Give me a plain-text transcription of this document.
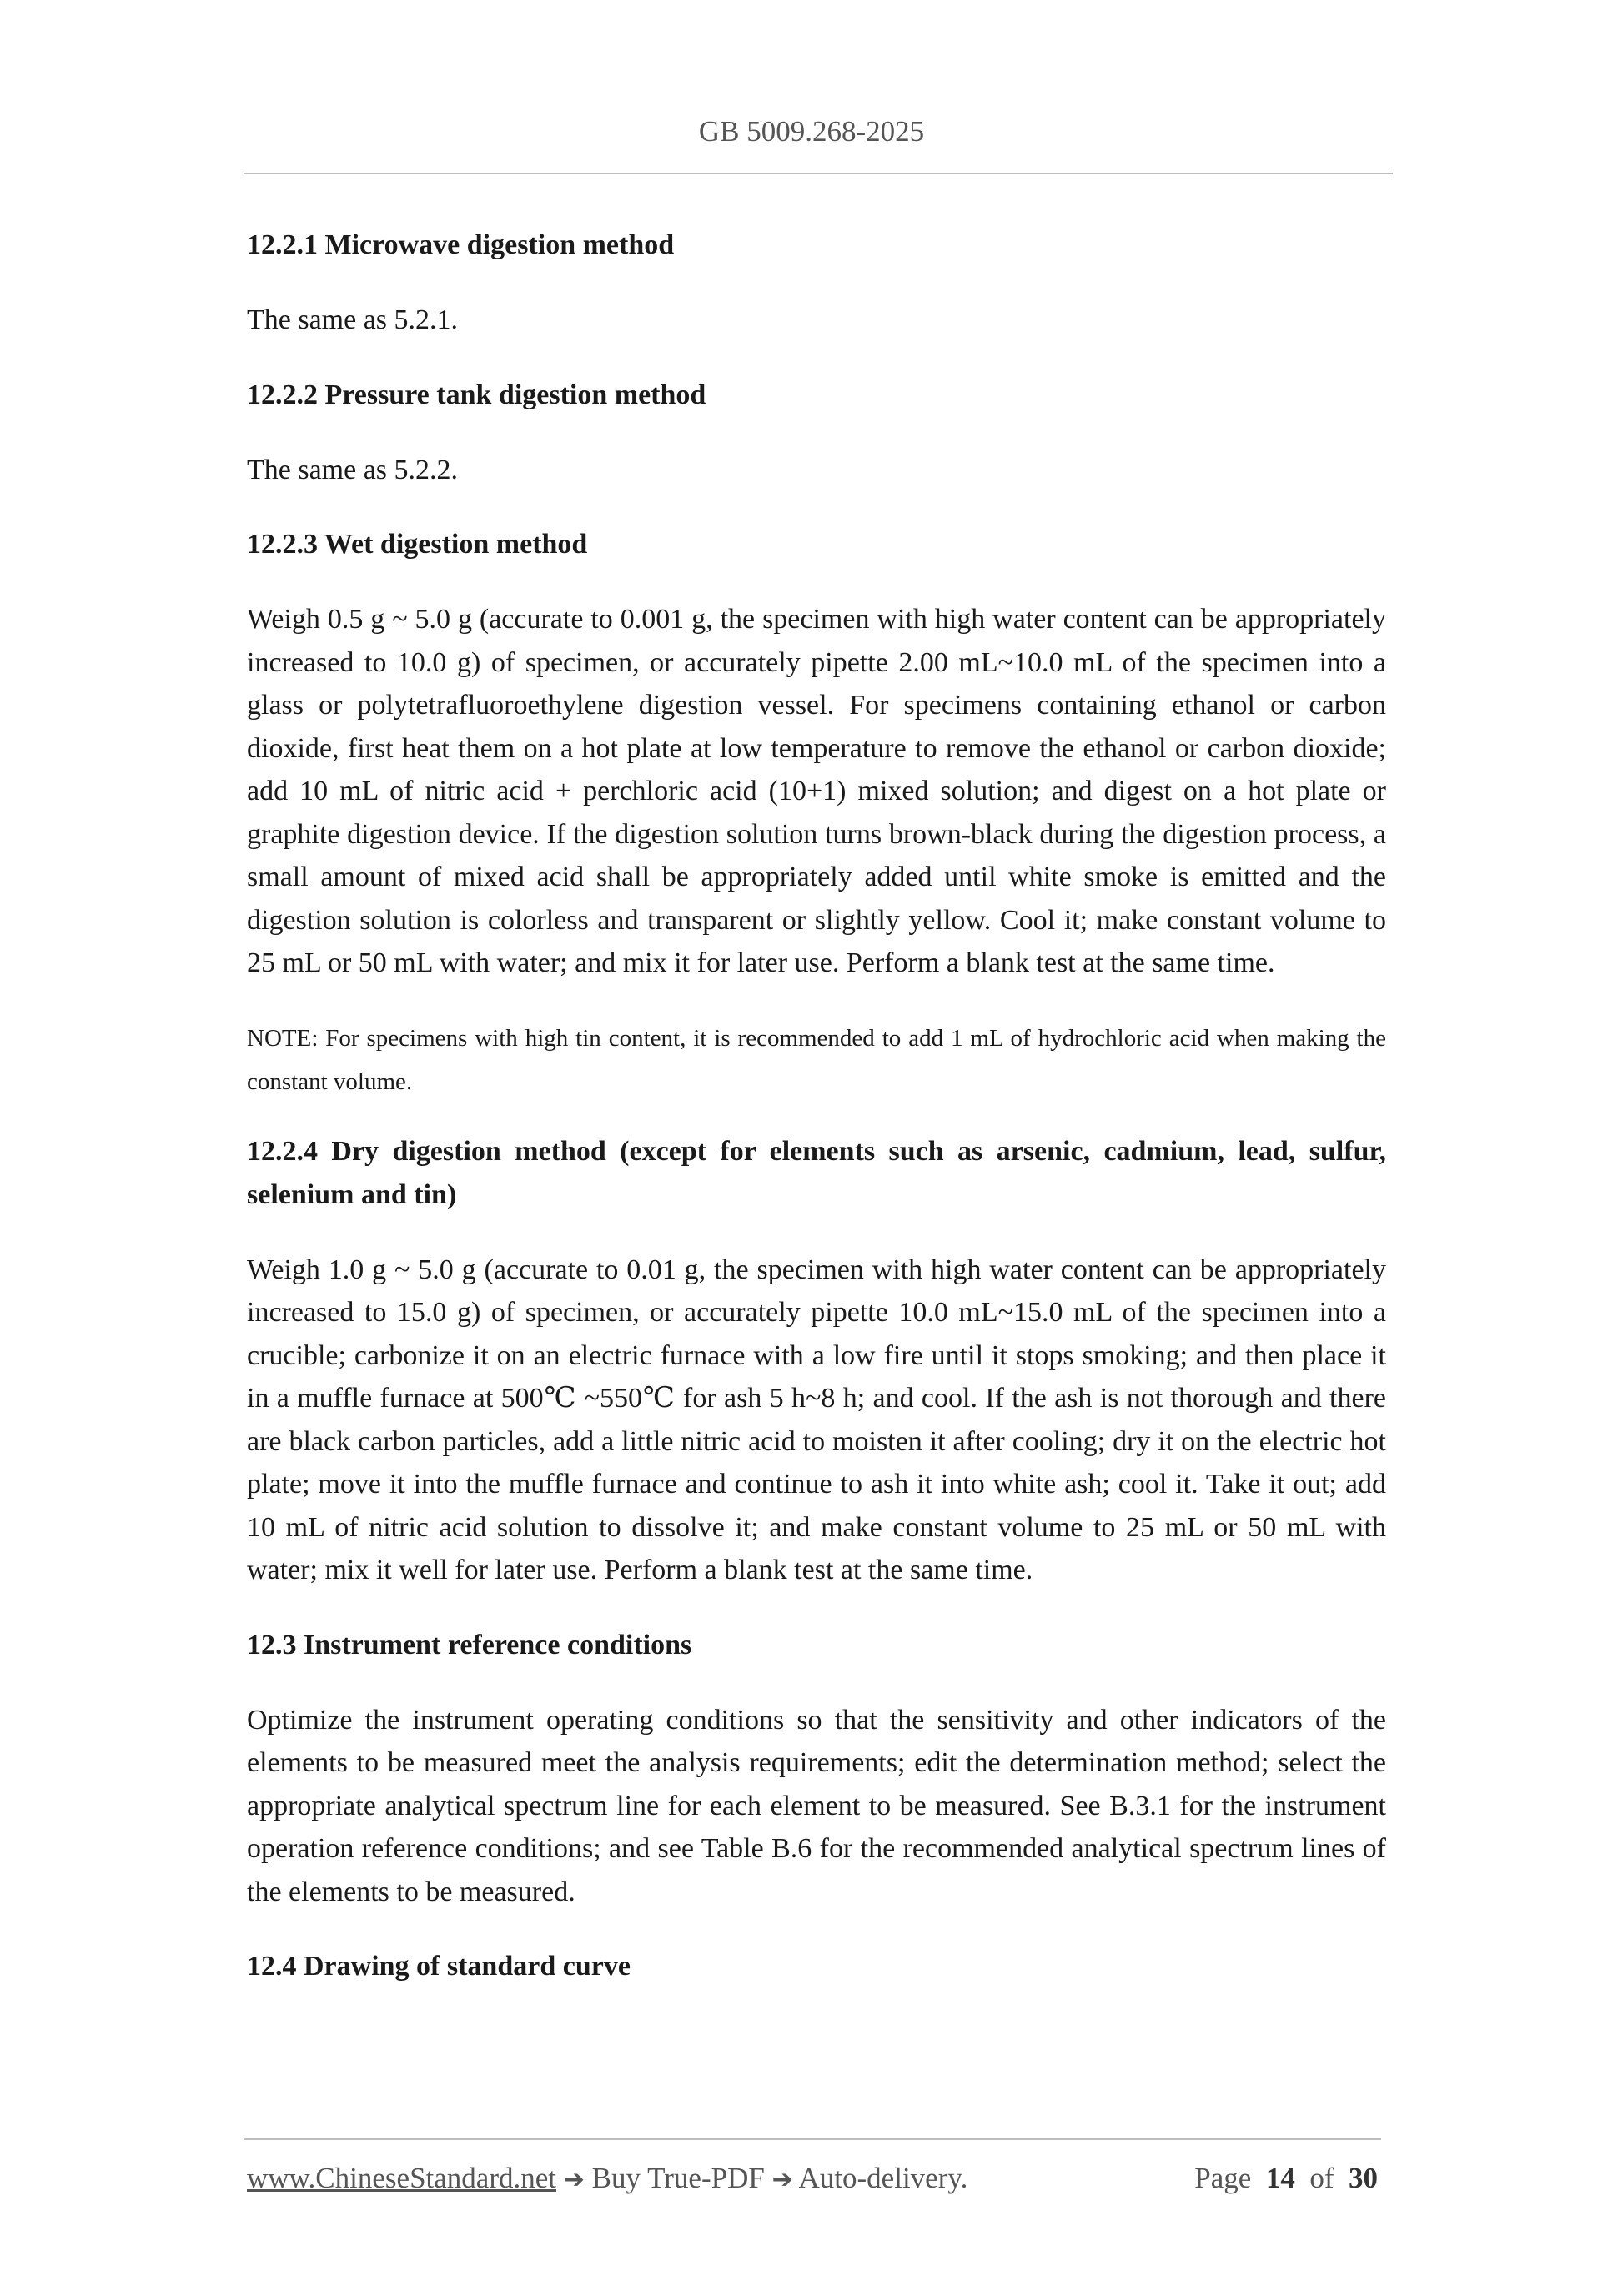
GB 5009.268-2025
12.2.1 Microwave digestion method
The same as 5.2.1.
12.2.2 Pressure tank digestion method
The same as 5.2.2.
12.2.3 Wet digestion method
Weigh 0.5 g ~ 5.0 g (accurate to 0.001 g, the specimen with high water content can be appropriately increased to 10.0 g) of specimen, or accurately pipette 2.00 mL~10.0 mL of the specimen into a glass or polytetrafluoroethylene digestion vessel. For specimens containing ethanol or carbon dioxide, first heat them on a hot plate at low temperature to remove the ethanol or carbon dioxide; add 10 mL of nitric acid + perchloric acid (10+1) mixed solution; and digest on a hot plate or graphite digestion device. If the digestion solution turns brown-black during the digestion process, a small amount of mixed acid shall be appropriately added until white smoke is emitted and the digestion solution is colorless and transparent or slightly yellow. Cool it; make constant volume to 25 mL or 50 mL with water; and mix it for later use. Perform a blank test at the same time.
NOTE: For specimens with high tin content, it is recommended to add 1 mL of hydrochloric acid when making the constant volume.
12.2.4 Dry digestion method (except for elements such as arsenic, cadmium, lead, sulfur, selenium and tin)
Weigh 1.0 g ~ 5.0 g (accurate to 0.01 g, the specimen with high water content can be appropriately increased to 15.0 g) of specimen, or accurately pipette 10.0 mL~15.0 mL of the specimen into a crucible; carbonize it on an electric furnace with a low fire until it stops smoking; and then place it in a muffle furnace at 500℃ ~550℃ for ash 5 h~8 h; and cool. If the ash is not thorough and there are black carbon particles, add a little nitric acid to moisten it after cooling; dry it on the electric hot plate; move it into the muffle furnace and continue to ash it into white ash; cool it. Take it out; add 10 mL of nitric acid solution to dissolve it; and make constant volume to 25 mL or 50 mL with water; mix it well for later use. Perform a blank test at the same time.
12.3 Instrument reference conditions
Optimize the instrument operating conditions so that the sensitivity and other indicators of the elements to be measured meet the analysis requirements; edit the determination method; select the appropriate analytical spectrum line for each element to be measured. See B.3.1 for the instrument operation reference conditions; and see Table B.6 for the recommended analytical spectrum lines of the elements to be measured.
12.4 Drawing of standard curve
www.ChineseStandard.net ➔ Buy True-PDF ➔ Auto-delivery.	Page 14 of 30
